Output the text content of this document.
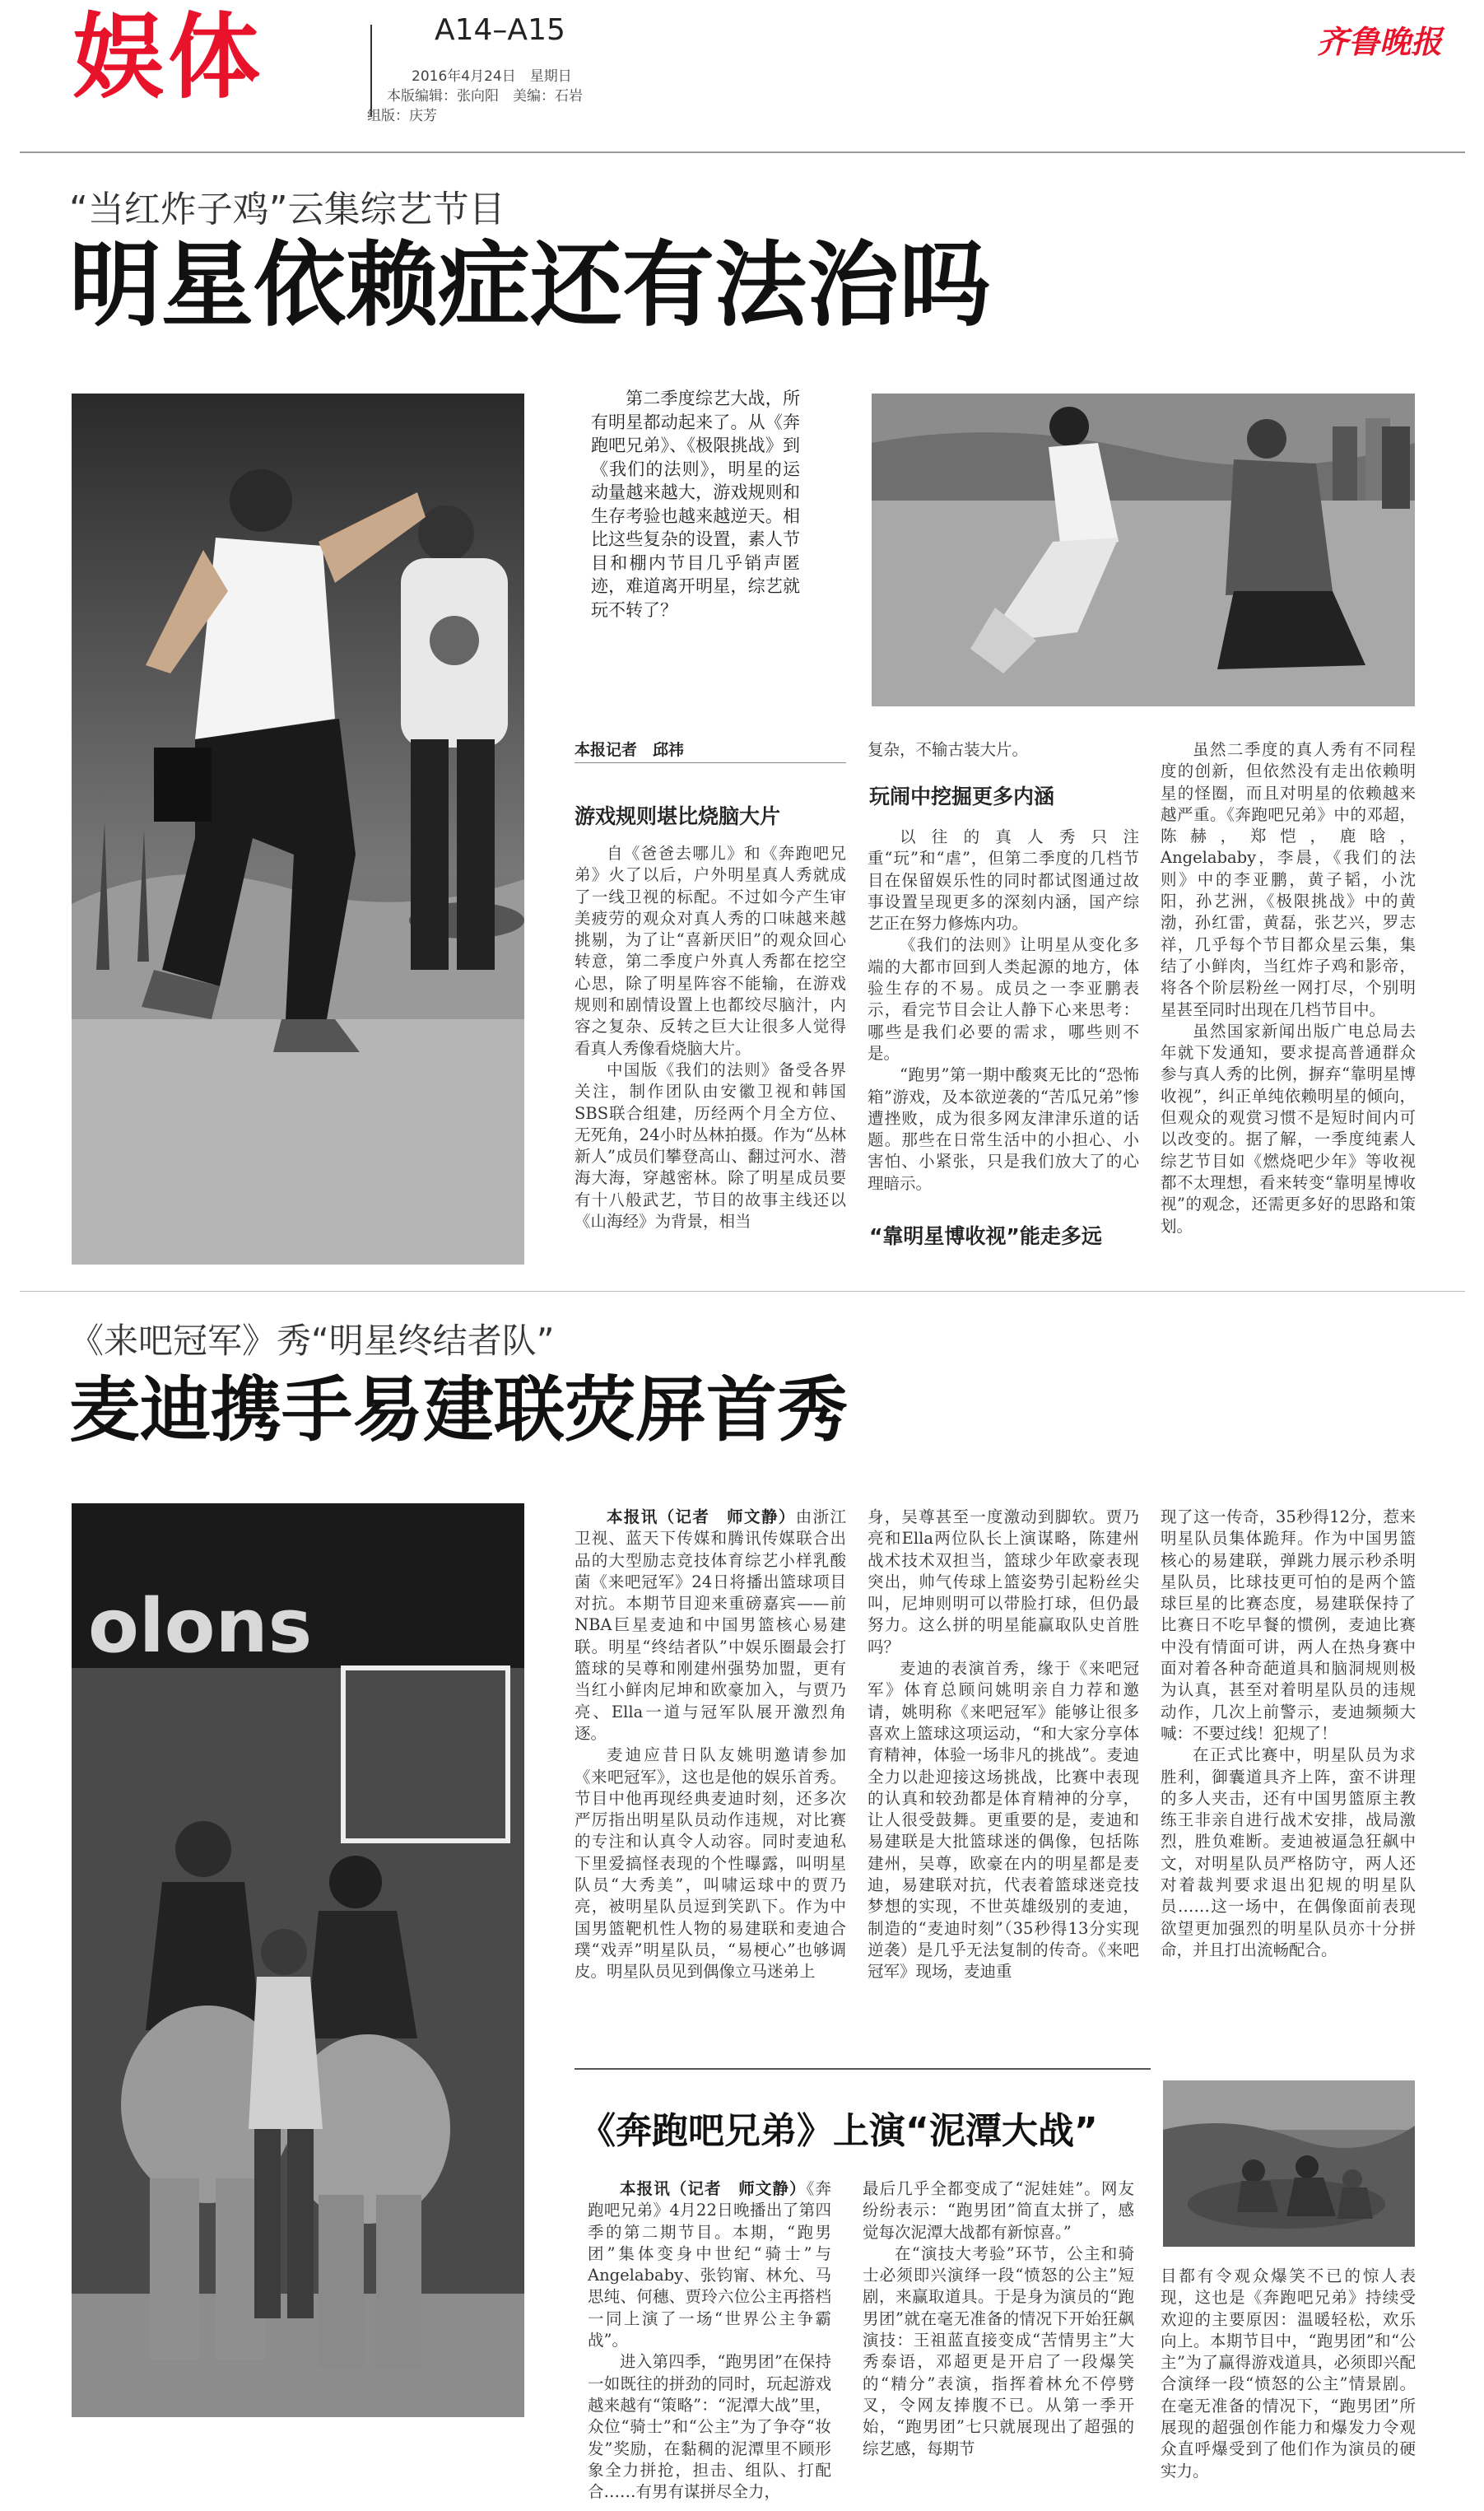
娱体	A14–A15
2016年4月24日　星期日
本版编辑：张向阳　美编：石岩
组版：庆芳
齐鲁晚报
“当红炸子鸡”云集综艺节目
明星依赖症还有法治吗
第二季度综艺大战，所有明星都动起来了。从《奔跑吧兄弟》、《极限挑战》到《我们的法则》，明星的运动量越来越大，游戏规则和生存考验也越来越逆天。相比这些复杂的设置，素人节目和棚内节目几乎销声匿迹，难道离开明星，综艺就玩不转了？
本报记者　邱祎
游戏规则堪比烧脑大片

自《爸爸去哪儿》和《奔跑吧兄弟》火了以后，户外明星真人秀就成了一线卫视的标配。不过如今产生审美疲劳的观众对真人秀的口味越来越挑剔，为了让“喜新厌旧”的观众回心转意，第二季度户外真人秀都在挖空心思，除了明星阵容不能输，在游戏规则和剧情设置上也都绞尽脑汁，内容之复杂、反转之巨大让很多人觉得看真人秀像看烧脑大片。

中国版《我们的法则》备受各界关注，制作团队由安徽卫视和韩国SBS联合组建，历经两个月全方位、无死角，24小时丛林拍摄。作为“丛林新人”成员们攀登高山、翻过河水、潜海大海，穿越密林。除了明星成员要有十八般武艺，节目的故事主线还以《山海经》为背景，相当

复杂，不输古装大片。

玩闹中挖掘更多内涵

以往的真人秀只注重“玩”和“虐”，但第二季度的几档节目在保留娱乐性的同时都试图通过故事设置呈现更多的深刻内涵，国产综艺正在努力修炼内功。

《我们的法则》让明星从变化多端的大都市回到人类起源的地方，体验生存的不易。成员之一李亚鹏表示，看完节目会让人静下心来思考：哪些是我们必要的需求，哪些则不是。

“跑男”第一期中酸爽无比的“恐怖箱”游戏，及本欲逆袭的“苦瓜兄弟”惨遭挫败，成为很多网友津津乐道的话题。那些在日常生活中的小担心、小害怕、小紧张，只是我们放大了的心理暗示。

“靠明星博收视”能走多远

虽然二季度的真人秀有不同程度的创新，但依然没有走出依赖明星的怪圈，而且对明星的依赖越来越严重。《奔跑吧兄弟》中的邓超，陈赫，郑恺，鹿晗，Angelababy，李晨，《我们的法则》中的李亚鹏，黄子韬，小沈阳，孙艺洲，《极限挑战》中的黄渤，孙红雷，黄磊，张艺兴，罗志祥，几乎每个节目都众星云集，集结了小鲜肉，当红炸子鸡和影帝，将各个阶层粉丝一网打尽，个别明星甚至同时出现在几档节目中。

虽然国家新闻出版广电总局去年就下发通知，要求提高普通群众参与真人秀的比例，摒弃“靠明星博收视”，纠正单纯依赖明星的倾向，但观众的观赏习惯不是短时间内可以改变的。据了解，一季度纯素人综艺节目如《燃烧吧少年》等收视都不太理想，看来转变“靠明星博收视”的观念，还需更多好的思路和策划。

《来吧冠军》秀“明星终结者队”
麦迪携手易建联荧屏首秀
olons

本报讯（记者　师文静）由浙江卫视、蓝天下传媒和腾讯传媒联合出品的大型励志竞技体育综艺小样乳酸菌《来吧冠军》24日将播出篮球项目对抗。本期节目迎来重磅嘉宾——前NBA巨星麦迪和中国男篮核心易建联。明星“终结者队”中娱乐圈最会打篮球的吴尊和刚建州强势加盟，更有当红小鲜肉尼坤和欧豪加入，与贾乃亮、Ella一道与冠军队展开激烈角逐。

麦迪应昔日队友姚明邀请参加《来吧冠军》，这也是他的娱乐首秀。节目中他再现经典麦迪时刻，还多次严厉指出明星队员动作违规，对比赛的专注和认真令人动容。同时麦迪私下里爱搞怪表现的个性曝露，叫明星队员“大秀美”，叫啸运球中的贾乃亮，被明星队员逗到笑趴下。作为中国男篮靶机性人物的易建联和麦迪合璞“戏弄”明星队员，“易梗心”也够调皮。明星队员见到偶像立马迷弟上

身，吴尊甚至一度激动到脚软。贾乃亮和Ella两位队长上演谋略，陈建州战术技术双担当，篮球少年欧豪表现突出，帅气传球上篮姿势引起粉丝尖叫，尼坤则明可以带脸打球，但仍最努力。这么拼的明星能赢取队史首胜吗？

麦迪的表演首秀，缘于《来吧冠军》体育总顾问姚明亲自力荐和邀请，姚明称《来吧冠军》能够让很多喜欢上篮球这项运动，“和大家分享体育精神，体验一场非凡的挑战”。麦迪全力以赴迎接这场挑战，比赛中表现的认真和较劲都是体育精神的分享，让人很受鼓舞。更重要的是，麦迪和易建联是大批篮球迷的偶像，包括陈建州，吴尊，欧豪在内的明星都是麦迪，易建联对抗，代表着篮球迷竞技梦想的实现，不世英雄级别的麦迪，制造的“麦迪时刻”（35秒得13分实现逆袭）是几乎无法复制的传奇。《来吧冠军》现场，麦迪重

现了这一传奇，35秒得12分，惹来明星队员集体跪拜。作为中国男篮核心的易建联，弹跳力展示秒杀明星队员，比球技更可怕的是两个篮球巨星的比赛态度，易建联保持了比赛日不吃早餐的惯例，麦迪比赛中没有情面可讲，两人在热身赛中面对着各种奇葩道具和脑洞规则极为认真，甚至对着明星队员的违规动作，几次上前警示，麦迪频频大喊：不要过线！犯规了！

在正式比赛中，明星队员为求胜利，御囊道具齐上阵，蛮不讲理的多人夹击，还有中国男篮原主教练王非亲自进行战术安排，战局激烈，胜负难断。麦迪被逼急狂飙中文，对明星队员严格防守，两人还对着裁判要求退出犯规的明星队员……这一场中，在偶像面前表现欲望更加强烈的明星队员亦十分拼命，并且打出流畅配合。

《奔跑吧兄弟》上演“泥潭大战”

本报讯（记者　师文静）《奔跑吧兄弟》4月22日晚播出了第四季的第二期节目。本期，“跑男团”集体变身中世纪“骑士”与Angelababy、张钧甯、林允、马思纯、何穗、贾玲六位公主再搭档一同上演了一场“世界公主争霸战”。

进入第四季，“跑男团”在保持一如既往的拼劲的同时，玩起游戏越来越有“策略”：“泥潭大战”里，众位“骑士”和“公主”为了争夺“妆发”奖励，在黏稠的泥潭里不顾形象全力拼抢，担击、组队、打配合……有男有谋拼尽全力，

最后几乎全都变成了“泥娃娃”。网友纷纷表示：“跑男团”简直太拼了，感觉每次泥潭大战都有新惊喜。”

在“演技大考验”环节，公主和骑士必须即兴演绎一段“愤怒的公主”短剧，来赢取道具。于是身为演员的“跑男团”就在毫无准备的情况下开始狂飙演技：王祖蓝直接变成“苦情男主”大秀泰语，邓超更是开启了一段爆笑的“精分”表演，指挥着林允不停劈叉，令网友捧腹不已。从第一季开始，“跑男团”七只就展现出了超强的综艺感，每期节

目都有令观众爆笑不已的惊人表现，这也是《奔跑吧兄弟》持续受欢迎的主要原因：温暖轻松，欢乐向上。本期节目中，“跑男团”和“公主”为了赢得游戏道具，必须即兴配合演绎一段“愤怒的公主”情景剧。在毫无准备的情况下，“跑男团”所展现的超强创作能力和爆发力令观众直呼爆受到了他们作为演员的硬实力。
